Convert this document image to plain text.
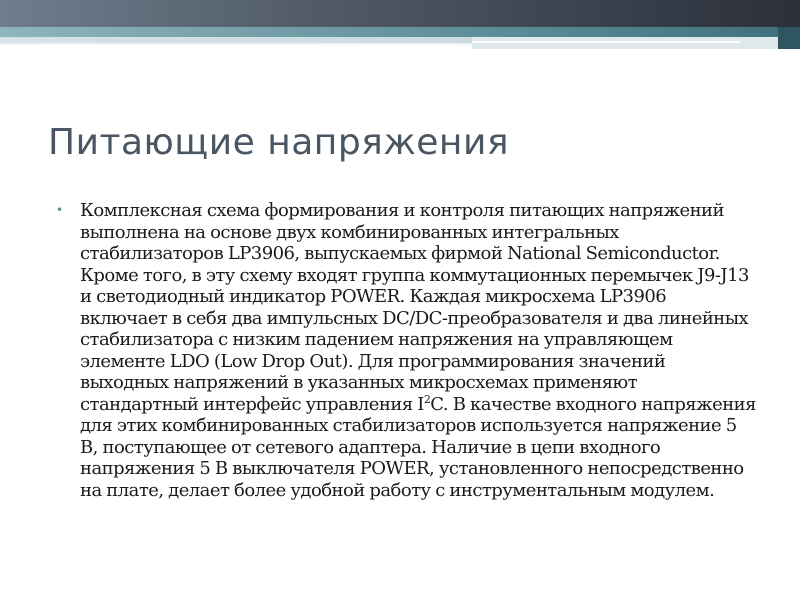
Питающие напряжения
• Комплексная схема формирования и контроля питающих напряжений выполнена на основе двух комбинированных интегральных стабилизаторов LP3906, выпускаемых фирмой National Semiconductor. Кроме того, в эту схему входят группа коммутационных перемычек J9-J13 и светодиодный индикатор POWER. Каждая микросхема LP3906 включает в себя два импульсных DC/DC-преобразователя и два линейных стабилизатора с низким падением напряжения на управляющем элементе LDO (Low Drop Out). Для программирования значений выходных напряжений в указанных микросхемах применяют стандартный интерфейс управления $I^2C$. В качестве входного напряжения для этих комбинированных стабилизаторов используется напряжение 5 В, поступающее от сетевого адаптера. Наличие в цепи входного напряжения 5 В выключателя POWER, установленного непосредственно на плате, делает более удобной работу с инструментальным модулем.
